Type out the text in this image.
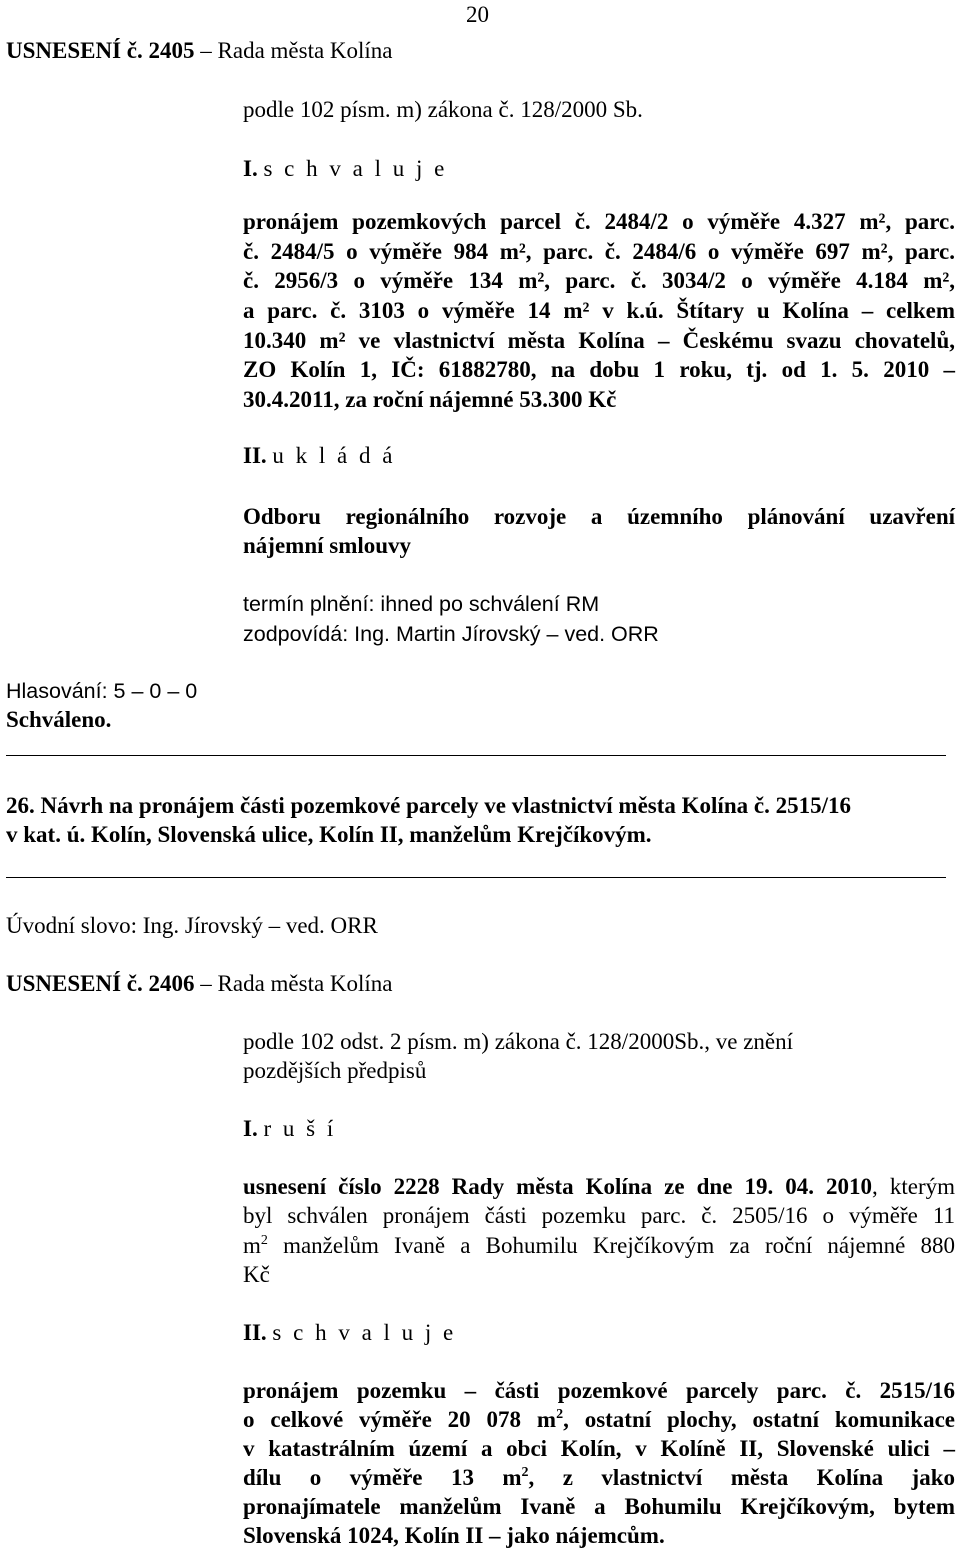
20
USNESENÍ č. 2405 – Rada města Kolína
podle 102 písm. m) zákona č. 128/2000 Sb.
I. s c h v a l u j e
pronájem pozemkových parcel č. 2484/2 o výměře 4.327 m², parc.
č. 2484/5 o výměře 984 m², parc. č. 2484/6 o výměře 697 m², parc.
č. 2956/3 o výměře 134 m², parc. č. 3034/2 o výměře 4.184 m²,
a parc. č. 3103 o výměře 14 m² v k.ú. Štítary u Kolína – celkem
10.340 m² ve vlastnictví města Kolína – Českému svazu chovatelů,
ZO Kolín 1, IČ: 61882780, na dobu 1 roku, tj. od 1. 5. 2010 –
30.4.2011, za roční nájemné 53.300 Kč
II. u k l á d á
Odboru regionálního rozvoje a územního plánování uzavření
nájemní smlouvy
termín plnění: ihned po schválení RM
zodpovídá: Ing. Martin Jírovský – ved. ORR
Hlasování: 5 – 0 – 0
Schváleno.
26. Návrh na pronájem části pozemkové parcely ve vlastnictví města Kolína č. 2515/16
v kat. ú. Kolín, Slovenská ulice, Kolín II, manželům Krejčíkovým.
Úvodní slovo: Ing. Jírovský – ved. ORR
USNESENÍ č. 2406 – Rada města Kolína
podle 102 odst. 2 písm. m) zákona č. 128/2000Sb., ve znění
pozdějších předpisů
I. r u š í
usnesení číslo 2228 Rady města Kolína ze dne 19. 04. 2010, kterým
byl schválen pronájem části pozemku parc. č. 2505/16 o výměře 11
$m^2$ manželům Ivaně a Bohumilu Krejčíkovým za roční nájemné 880
Kč
II. s c h v a l u j e
pronájem pozemku – části pozemkové parcely parc. č. 2515/16
o celkové výměře 20 078 $m^2$, ostatní plochy, ostatní komunikace
v katastrálním území a obci Kolín, v Kolíně II, Slovenské ulici –
dílu o výměře 13 $m^2$, z vlastnictví města Kolína jako
pronajímatele manželům Ivaně a Bohumilu Krejčíkovým, bytem
Slovenská 1024, Kolín II – jako nájemcům.
